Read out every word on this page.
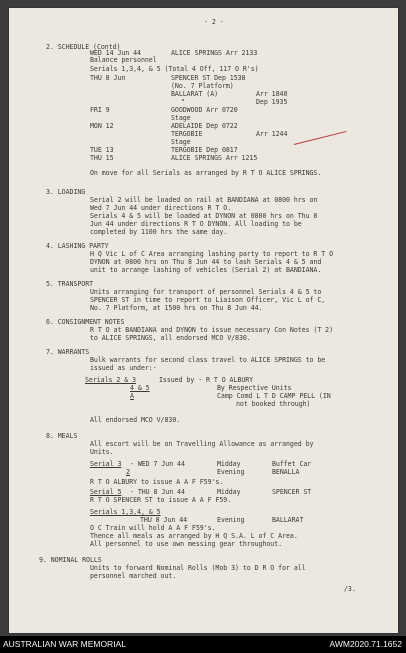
- 2 -
2. SCHEDULE (Contd)
WED 14 Jun 44	ALICE SPRINGS Arr 2133
Balance personnel
Serials 1,3,4, & 5 (Total 4 Off, 117 O R's)
THU 8 Jun	SPENCER ST Dep 1538
(No. 7 Platform)
BALLARAT (A)	Arr 1840
"	Dep 1935
FRI 9	GOODWOOD Arr 0720
Stage
MON 12	ADELAIDE Dep 0722
TERGOBIE	Arr 1244
Stage
TUE 13	TERGOBIE Dep 0817
THU 15	ALICE SPRINGS Arr 1215
On move for all Serials as arranged by R T O ALICE SPRINGS.
3. LOADING
Serial 2 will be loaded on rail at BANDIANA at 0800 hrs on
Wed 7 Jun 44 under directions R T O.
Serials 4 & 5 will be loaded at DYNON at 0800 hrs on Thu 8
Jun 44 under directions R T O DYNON. All loading to be
completed by 1100 hrs the same day.
4. LASHING PARTY
H Q Vic L of C Area arranging lashing party to report to R T O
DYNON at 0800 hrs on Thu 8 Jun 44 to lash Serials 4 & 5 and
unit to arrange lashing of vehicles (Serial 2) at BANDIANA.
5. TRANSPORT
Units arranging for transport of personnel Serials 4 & 5 to
SPENCER ST in time to report to Liaison Officer, Vic L of C,
No. 7 Platform, at 1500 hrs on Thu 8 Jun 44.
6. CONSIGNMENT NOTES
R T O at BANDIANA and DYNON to issue necessary Con Notes (T 2)
to ALICE SPRINGS, all endorsed MCO V/830.
7. WARRANTS
Bulk warrants for second class travel to ALICE SPRINGS to be
issued as under:-
Serials 2 & 3	Issued by - R T O ALBURY
4 & 5	By Respective Units
A	Camp Comd L T D CAMP PELL (IN
not booked through)
All endorsed MCO V/830.
8. MEALS
All escort will be on Travelling Allowance as arranged by
Units.
Serial 3 - WED 7 Jun 44	Midday	Buffet Car
2	Evening	BENALLA
R T O ALBURY to issue A A F F59's.
Serial 5 - THU 8 Jun 44	Midday	SPENCER ST
R T O SPENCER ST to issue A A F F59.
Serials 1,3,4, & 5
THU 8 Jun 44	Evening	BALLARAT
O C Train will hold A A F F59's.
Thence all meals as arranged by H Q S.A. L of C Area.
All personnel to use own messing gear throughout.
9. NOMINAL ROLLS
Units to forward Nominal Rolls (Mob 3) to D R O for all
personnel marched out.
/3.
AUSTRALIAN WAR MEMORIAL	AWM2020.71.1652
